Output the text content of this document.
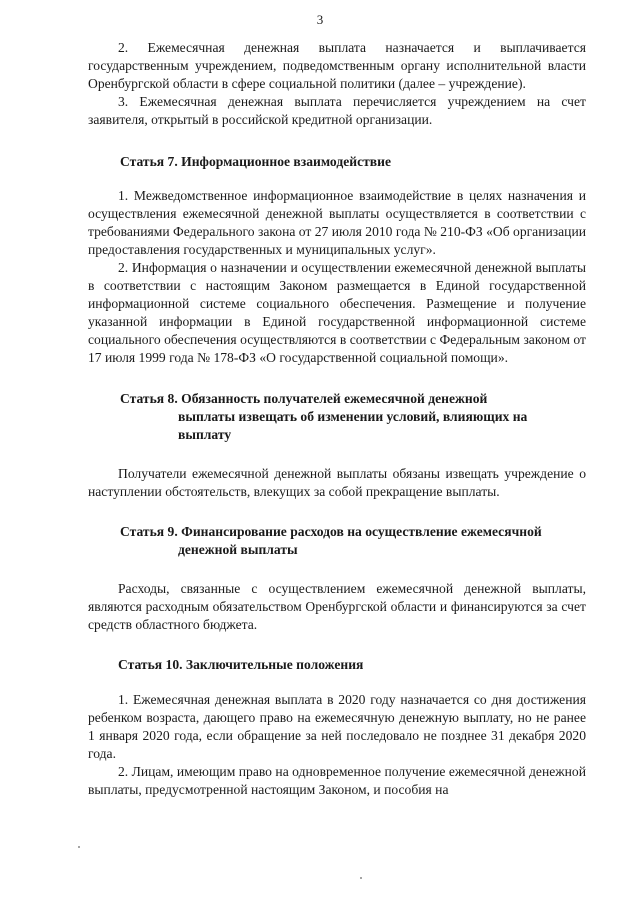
3

2. Ежемесячная денежная выплата назначается и выплачивается государственным учреждением, подведомственным органу исполнительной власти Оренбургской области в сфере социальной политики (далее – учреждение).

3. Ежемесячная денежная выплата перечисляется учреждением на счет заявителя, открытый в российской кредитной организации.

Статья 7. Информационное взаимодействие

1. Межведомственное информационное взаимодействие в целях назначения и осуществления ежемесячной денежной выплаты осуществляется в соответствии с требованиями Федерального закона от 27 июля 2010 года № 210-ФЗ «Об организации предоставления государственных и муниципальных услуг».

2. Информация о назначении и осуществлении ежемесячной денежной выплаты в соответствии с настоящим Законом размещается в Единой государственной информационной системе социального обеспечения. Размещение и получение указанной информации в Единой государственной информационной системе социального обеспечения осуществляются в соответствии с Федеральным законом от 17 июля 1999 года № 178-ФЗ «О государственной социальной помощи».

Статья 8. Обязанность получателей ежемесячной денежной
выплаты извещать об изменении условий, влияющих на
выплату

Получатели ежемесячной денежной выплаты обязаны извещать учреждение о наступлении обстоятельств, влекущих за собой прекращение выплаты.

Статья 9. Финансирование расходов на осуществление ежемесячной
денежной выплаты

Расходы, связанные с осуществлением ежемесячной денежной выплаты, являются расходным обязательством Оренбургской области и финансируются за счет средств областного бюджета.

Статья 10. Заключительные положения

1. Ежемесячная денежная выплата в 2020 году назначается со дня достижения ребенком возраста, дающего право на ежемесячную денежную выплату, но не ранее 1 января 2020 года, если обращение за ней последовало не позднее 31 декабря 2020 года.

2. Лицам, имеющим право на одновременное получение ежемесячной денежной выплаты, предусмотренной настоящим Законом, и пособия на
